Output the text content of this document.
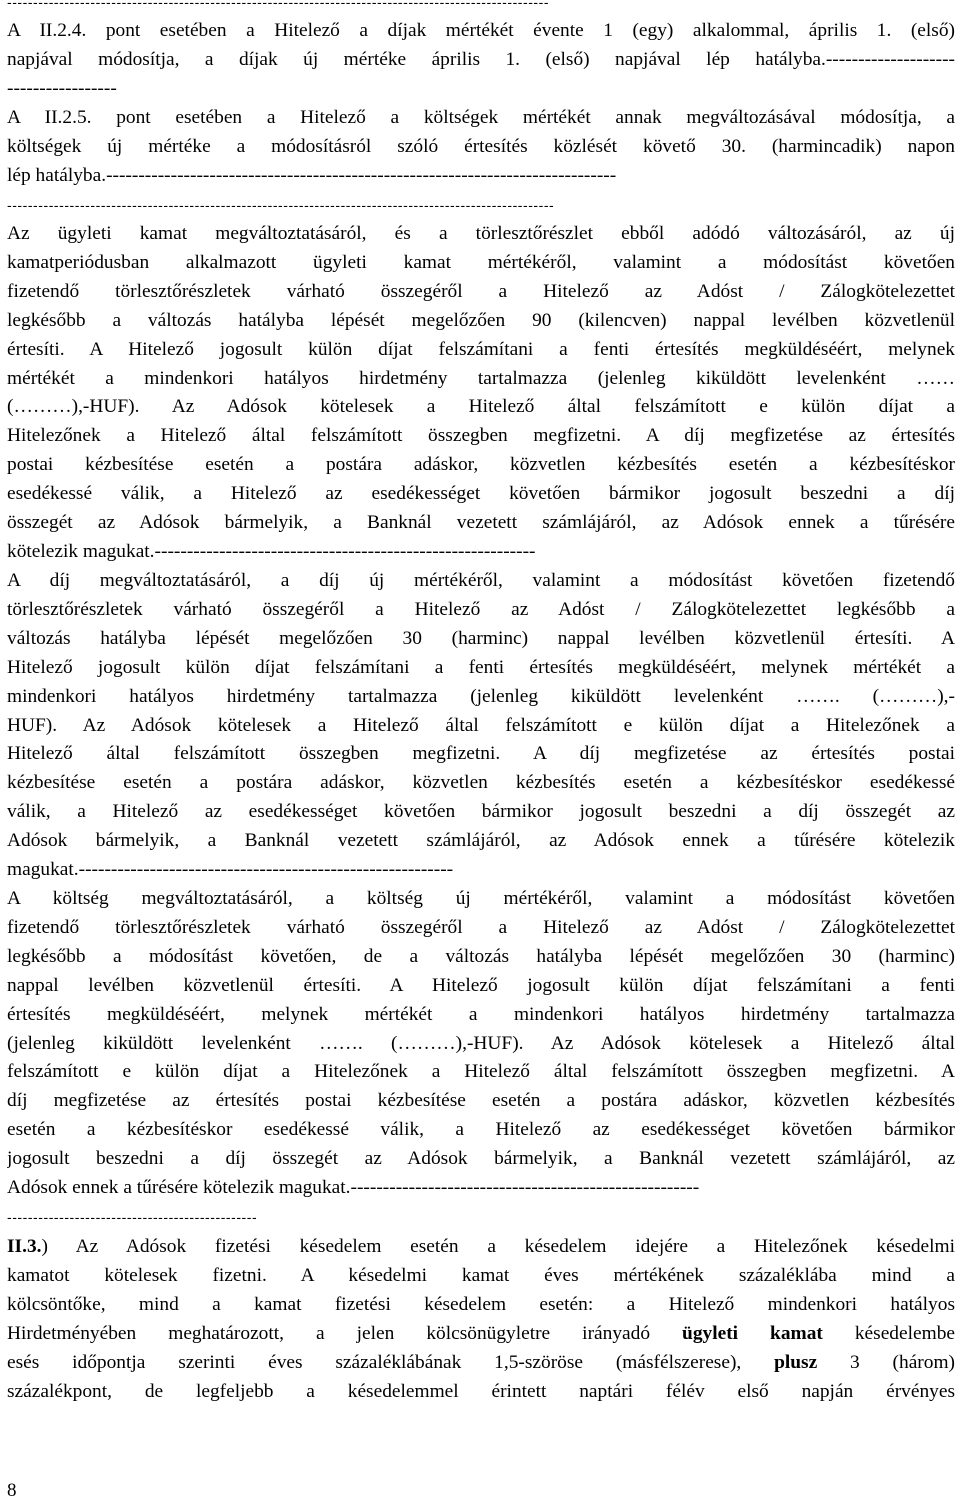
--------------------------------------------------------------------------------------------------------
A II.2.4. pont esetében a Hitelező a díjak mértékét évente 1 (egy) alkalommal, április 1. (első)
napjával módosítja, a díjak új mértéke április 1. (első) napjával lép hatályba.--------------------
-----------------
A II.2.5. pont esetében a Hitelező a költségek mértékét annak megváltozásával módosítja, a
költségek új mértéke a módosításról szóló értesítés közlését követő 30. (harmincadik) napon
lép hatályba.-------------------------------------------------------------------------------
---------------------------------------------------------------------------------------------------------
Az ügyleti kamat megváltoztatásáról, és a törlesztőrészlet ebből adódó változásáról, az új
kamatperiódusban alkalmazott ügyleti kamat mértékéről, valamint a módosítást követően
fizetendő törlesztőrészletek várható összegéről a Hitelező az Adóst / Zálogkötelezettet
legkésőbb a változás hatályba lépését megelőzően 90 (kilencven) nappal levélben közvetlenül
értesíti. A Hitelező jogosult külön díjat felszámítani a fenti értesítés megküldéséért, melynek
mértékét a mindenkori hatályos hirdetmény tartalmazza (jelenleg kiküldött levelenként ……
(………),-HUF). Az Adósok kötelesek a Hitelező által felszámított e külön díjat a
Hitelezőnek a Hitelező által felszámított összegben megfizetni. A díj megfizetése az értesítés
postai kézbesítése esetén a postára adáskor, közvetlen kézbesítés esetén a kézbesítéskor
esedékessé válik, a Hitelező az esedékességet követően bármikor jogosult beszedni a díj
összegét az Adósok bármelyik, a Banknál vezetett számlájáról, az Adósok ennek a tűrésére
kötelezik magukat.-----------------------------------------------------------
A díj megváltoztatásáról, a díj új mértékéről, valamint a módosítást követően fizetendő
törlesztőrészletek várható összegéről a Hitelező az Adóst / Zálogkötelezettet legkésőbb a
változás hatályba lépését megelőzően 30 (harminc) nappal levélben közvetlenül értesíti. A
Hitelező jogosult külön díjat felszámítani a fenti értesítés megküldéséért, melynek mértékét a
mindenkori hatályos hirdetmény tartalmazza (jelenleg kiküldött levelenként ……. (………),-
HUF). Az Adósok kötelesek a Hitelező által felszámított e külön díjat a Hitelezőnek a
Hitelező által felszámított összegben megfizetni. A díj megfizetése az értesítés postai
kézbesítése esetén a postára adáskor, közvetlen kézbesítés esetén a kézbesítéskor esedékessé
válik, a Hitelező az esedékességet követően bármikor jogosult beszedni a díj összegét az
Adósok bármelyik, a Banknál vezetett számlájáról, az Adósok ennek a tűrésére kötelezik
magukat.----------------------------------------------------------
A költség megváltoztatásáról, a költség új mértékéről, valamint a módosítást követően
fizetendő törlesztőrészletek várható összegéről a Hitelező az Adóst / Zálogkötelezettet
legkésőbb a módosítást követően, de a változás hatályba lépését megelőzően 30 (harminc)
nappal levélben közvetlenül értesíti. A Hitelező jogosult külön díjat felszámítani a fenti
értesítés megküldéséért, melynek mértékét a mindenkori hatályos hirdetmény tartalmazza
(jelenleg kiküldött levelenként ……. (………),-HUF). Az Adósok kötelesek a Hitelező által
felszámított e külön díjat a Hitelezőnek a Hitelező által felszámított összegben megfizetni. A
díj megfizetése az értesítés postai kézbesítése esetén a postára adáskor, közvetlen kézbesítés
esetén a kézbesítéskor esedékessé válik, a Hitelező az esedékességet követően bármikor
jogosult beszedni a díj összegét az Adósok bármelyik, a Banknál vezetett számlájáról, az
Adósok ennek a tűrésére kötelezik magukat.------------------------------------------------------
------------------------------------------------
II.3.) Az Adósok fizetési késedelem esetén a késedelem idejére a Hitelezőnek késedelmi
kamatot kötelesek fizetni. A késedelmi kamat éves mértékének százaléklába mind a
kölcsöntőke, mind a kamat fizetési késedelem esetén: a Hitelező mindenkori hatályos
Hirdetményében meghatározott, a jelen kölcsönügyletre irányadó ügyleti kamat késedelembe
esés időpontja szerinti éves százaléklábának 1,5-szöröse (másfélszerese), plusz 3 (három)
százalékpont, de legfeljebb a késedelemmel érintett naptári félév első napján érvényes
8
